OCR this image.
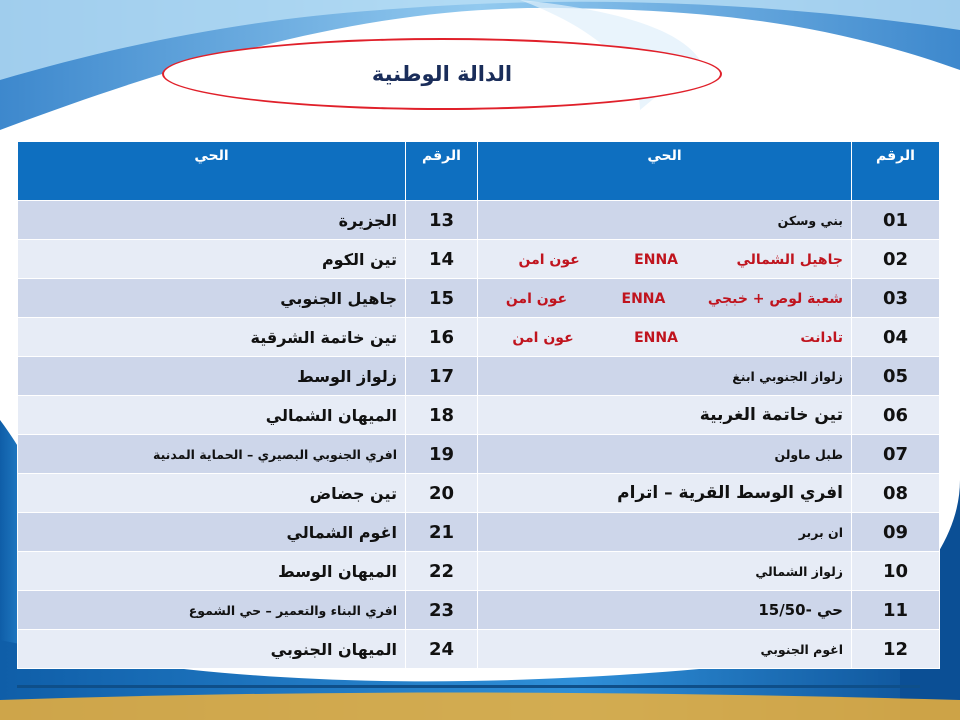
الدالة الوطنية
الحي	الرقم	الحي	الرقم
الجزيرة	13	بني وسكن	01
تين الكوم	14	جاهيل الشمالي  ENNA  عون امن	02
جاهيل الجنوبي	15	شعبة لوص + خبجي  ENNA  عون امن	03
تين خاتمة الشرقية	16	تادانت  ENNA  عون امن	04
زلواز الوسط	17	زلواز الجنوبي ابنغ	05
الميهان الشمالي	18	تين خاتمة الغربية	06
افري الجنوبي البصيري – الحماية المدنية	19	طبل ماولن	07
تين جضاض	20	افري الوسط القرية – اترام	08
اغوم الشمالي	21	ان بربر	09
الميهان الوسط	22	زلواز الشمالي	10
افري البناء والتعمير – حي الشموع	23	حي -15/50	11
الميهان الجنوبي	24	اغوم الجنوبي	12
